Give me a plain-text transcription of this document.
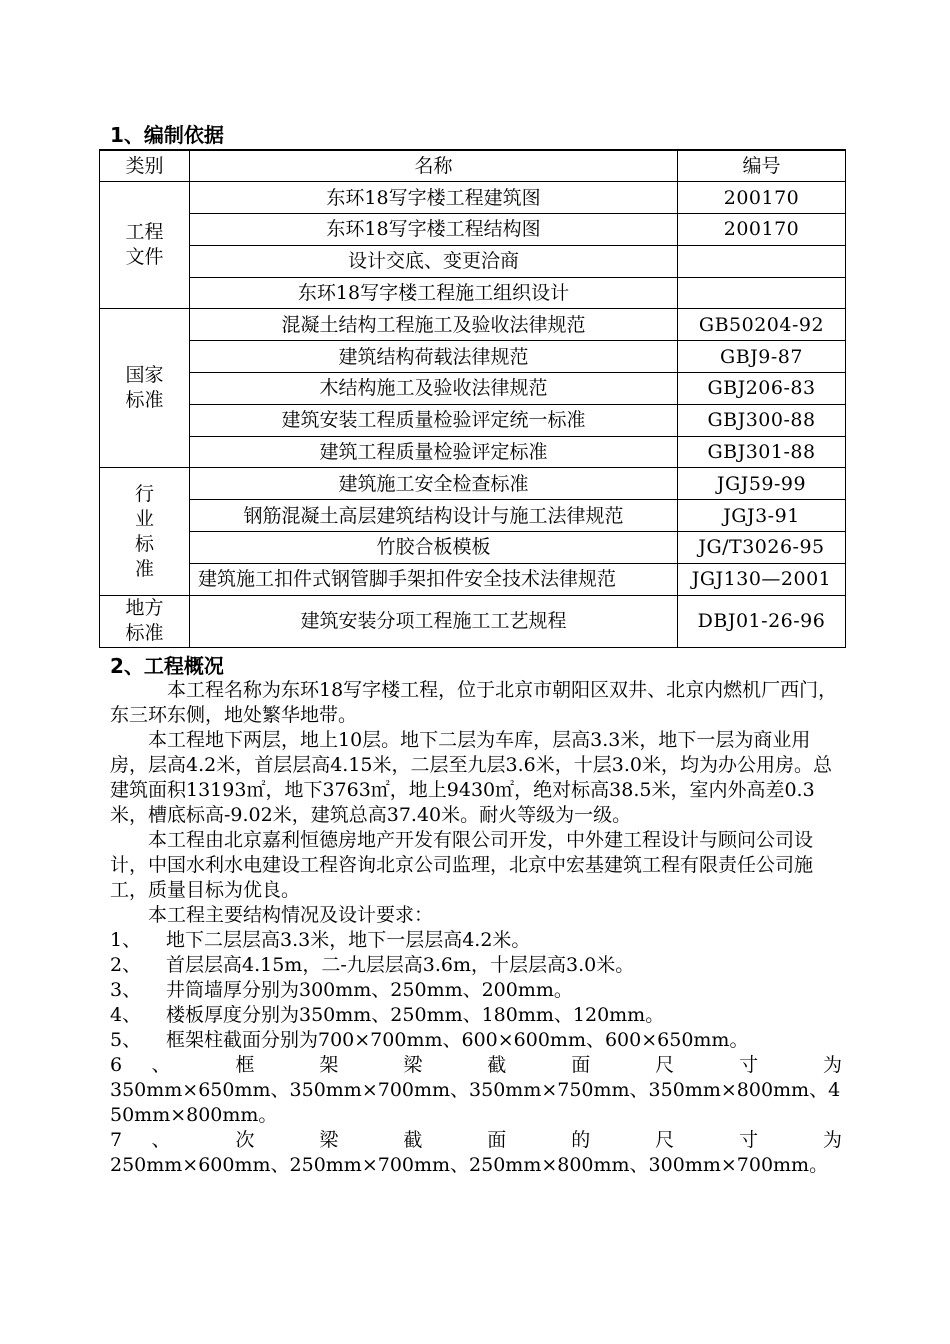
1、编制依据
类别	名称	编号
工程文件	东环18写字楼工程建筑图	200170
	东环18写字楼工程结构图	200170
	设计交底、变更洽商	
	东环18写字楼工程施工组织设计	
国家标准	混凝土结构工程施工及验收法律规范	GB50204-92
	建筑结构荷载法律规范	GBJ9-87
	木结构施工及验收法律规范	GBJ206-83
	建筑安装工程质量检验评定统一标准	GBJ300-88
	建筑工程质量检验评定标准	GBJ301-88
行业标准	建筑施工安全检查标准	JGJ59-99
	钢筋混凝土高层建筑结构设计与施工法律规范	JGJ3-91
	竹胶合板模板	JG/T3026-95
	建筑施工扣件式钢管脚手架扣件安全技术法律规范	JGJ130—2001
地方标准	建筑安装分项工程施工工艺规程	DBJ01-26-96
2、工程概况

本工程名称为东环18写字楼工程，位于北京市朝阳区双井、北京内燃机厂西门，东三环东侧，地处繁华地带。

本工程地下两层，地上10层。地下二层为车库，层高3.3米，地下一层为商业用房，层高4.2米，首层层高4.15米，二层至九层3.6米，十层3.0米，均为办公用房。总建筑面积13193㎡，地下3763㎡，地上9430㎡，绝对标高38.5米，室内外高差0.3米，槽底标高-9.02米，建筑总高37.40米。耐火等级为一级。

本工程由北京嘉利恒德房地产开发有限公司开发，中外建工程设计与顾问公司设计，中国水利水电建设工程咨询北京公司监理，北京中宏基建筑工程有限责任公司施工，质量目标为优良。

本工程主要结构情况及设计要求：

1、	地下二层层高3.3米，地下一层层高4.2米。
2、	首层层高4.15m，二-九层层高3.6m，十层层高3.0米。
3、	井筒墙厚分别为300mm、250mm、200mm。
4、	楼板厚度分别为350mm、250mm、180mm、120mm。
5、	框架柱截面分别为700×700mm、600×600mm、600×650mm。

6、 框 架 梁 截 面 尺 寸 为

350mm×650mm、350mm×700mm、350mm×750mm、350mm×800mm、450mm×800mm。

7、 次 梁 截 面 的 尺 寸 为

250mm×600mm、250mm×700mm、250mm×800mm、300mm×700mm。
